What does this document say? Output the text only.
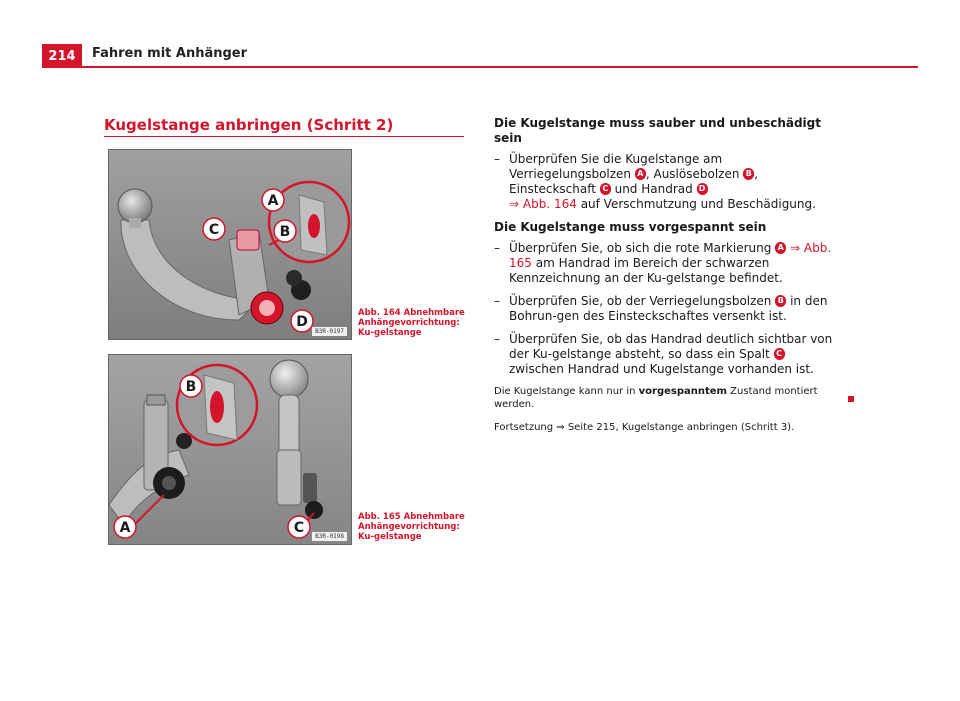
214	Fahren mit Anhänger
Kugelstange anbringen (Schritt 2)
A
B
C
D
B3R-0197
Abb. 164 Abnehmbare Anhängevorrichtung: Ku-gelstange
B
A	C
B3R-0198
Abb. 165 Abnehmbare Anhängevorrichtung: Ku-gelstange

Die Kugelstange muss sauber und unbeschädigt sein

– Überprüfen Sie die Kugelstange am Verriegelungsbolzen A , Auslösebolzen B , Einsteckschaft C und Handrad D
⇒ Abb. 164 auf Verschmutzung und Beschädigung.

Die Kugelstange muss vorgespannt sein

– Überprüfen Sie, ob sich die rote Markierung A ⇒ Abb. 165 am Handrad im Bereich der schwarzen Kennzeichnung an der Ku-gelstange befindet.
– Überprüfen Sie, ob der Verriegelungsbolzen B in den Bohrun-gen des Einsteckschaftes versenkt ist.
– Überprüfen Sie, ob das Handrad deutlich sichtbar von der Ku-gelstange absteht, so dass ein Spalt C zwischen Handrad und Kugelstange vorhanden ist.
Die Kugelstange kann nur in vorgespanntem Zustand montiert werden.
Fortsetzung ⇒ Seite 215, Kugelstange anbringen (Schritt 3).
